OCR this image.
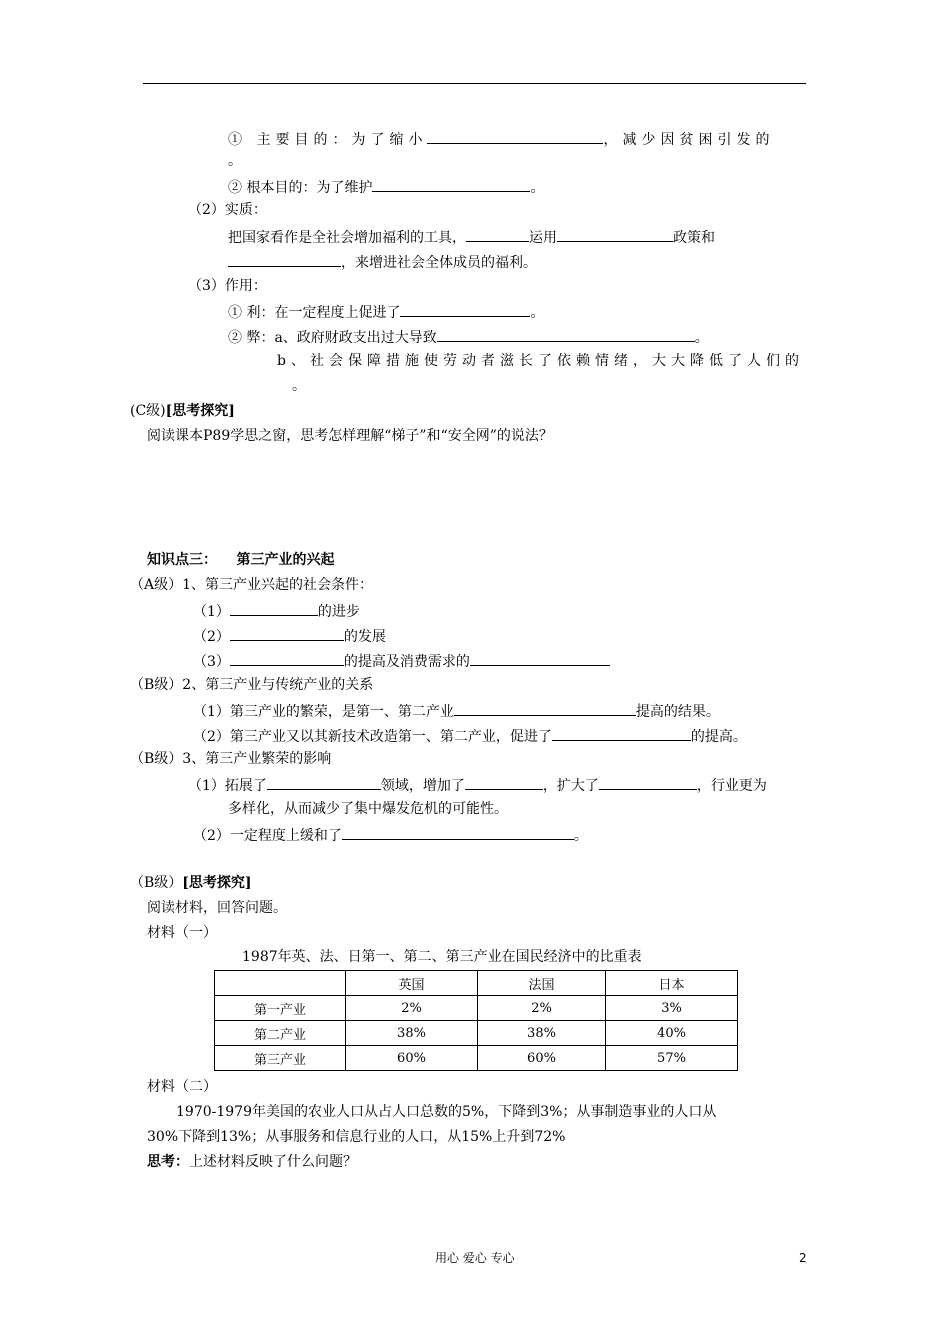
① 主要目的：为了缩小	，减少因贫困引发的
。
② 根本目的：为了维护	。
（2）实质：
把国家看作是全社会增加福利的工具，	运用	政策和
，来增进社会全体成员的福利。
（3）作用：
① 利：在一定程度上促进了	。
② 弊：a、政府财政支出过大导致	。
b、社会保障措施使劳动者滋长了依赖情绪，大大降低了人们的
。
(C级)[思考探究]
阅读课本P89学思之窗，思考怎样理解“梯子”和“安全网”的说法？
知识点三：    第三产业的兴起
（A级）1、第三产业兴起的社会条件：
（1）	的进步
（2）	的发展
（3）	的提高及消费需求的
（B级）2、第三产业与传统产业的关系
（1）第三产业的繁荣，是第一、第二产业	提高的结果。
（2）第三产业又以其新技术改造第一、第二产业，促进了	的提高。
（B级）3、第三产业繁荣的影响
（1）拓展了	领域，增加了	，扩大了	，行业更为
多样化，从而减少了集中爆发危机的可能性。
（2）一定程度上缓和了	。
（B级）[思考探究]
阅读材料，回答问题。
材料（一）
1987年英、法、日第一、第二、第三产业在国民经济中的比重表
	英国	法国	日本
第一产业	2%	2%	3%
第二产业	38%	38%	40%
第三产业	60%	60%	57%
材料（二）
1970-1979年美国的农业人口从占人口总数的5%，下降到3%；从事制造事业的人口从
30%下降到13%；从事服务和信息行业的人口，从15%上升到72%
思考：上述材料反映了什么问题？
用心 爱心 专心	2
